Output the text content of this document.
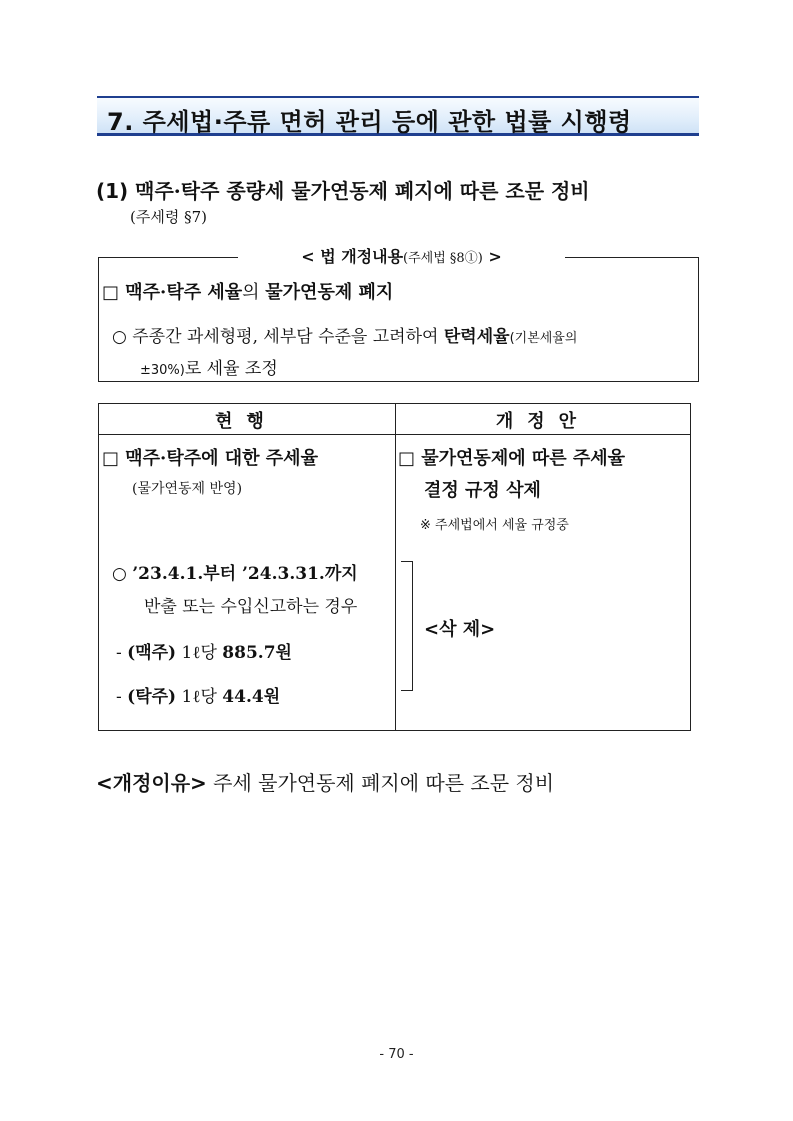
7. 주세법·주류 면허 관리 등에 관한 법률 시행령
(1) 맥주·탁주 종량세 물가연동제 폐지에 따른 조문 정비
(주세령 §7)
< 법 개정내용(주세법 §8①) >
□ 맥주·탁주 세율의 물가연동제 폐지
○ 주종간 과세형평, 세부담 수준을 고려하여 탄력세율(기본세율의
±30%)로 세율 조정
현행	개정안
□ 맥주·탁주에 대한 주세율
(물가연동제 반영)
□ 물가연동제에 따른 주세율
결정 규정 삭제
※ 주세법에서 세율 규정중
○ ’23.4.1.부터 ’24.3.31.까지
반출 또는 수입신고하는 경우
- (맥주) 1ℓ당 885.7원
- (탁주) 1ℓ당 44.4원
<삭 제>
<개정이유> 주세 물가연동제 폐지에 따른 조문 정비
- 70 -
